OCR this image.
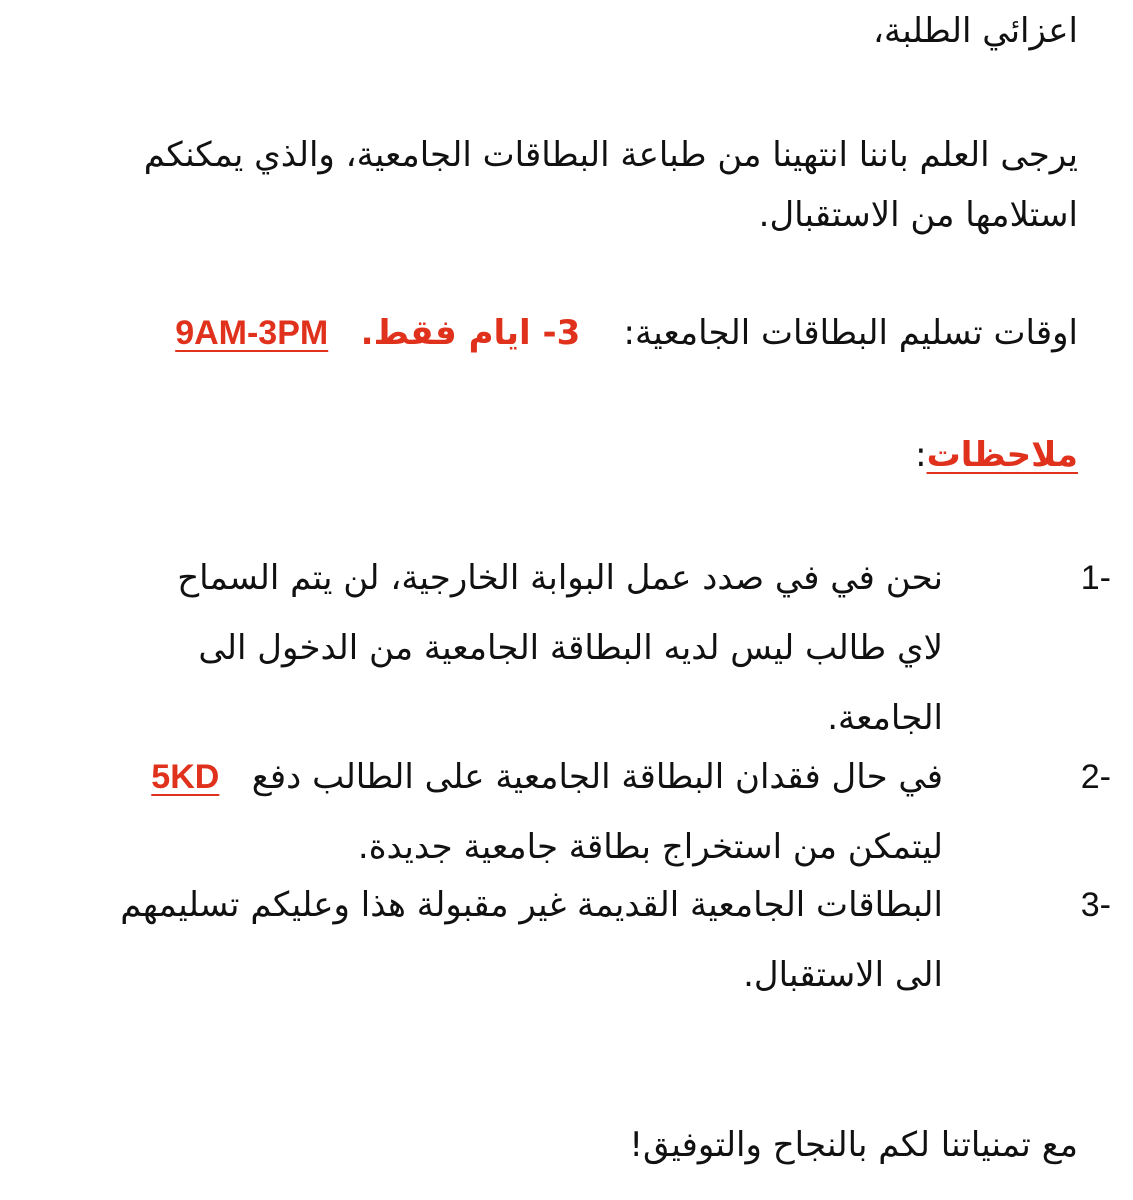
اعزائي الطلبة،
يرجى العلم باننا انتهينا من طباعة البطاقات الجامعية، والذي يمكنكم
استلامها من الاستقبال.
اوقات تسليم البطاقات الجامعية:    3- ايام فقط.   9AM-3PM
ملاحظات:
1-
نحن في في صدد عمل البوابة الخارجية، لن يتم السماح
لاي طالب ليس لديه البطاقة الجامعية من الدخول الى
الجامعة.
2-
في حال فقدان البطاقة الجامعية على الطالب دفع   5KD
ليتمكن من استخراج بطاقة جامعية جديدة.
3-
البطاقات الجامعية القديمة غير مقبولة هذا وعليكم تسليمهم
الى الاستقبال.
مع تمنياتنا لكم بالنجاح والتوفيق!
